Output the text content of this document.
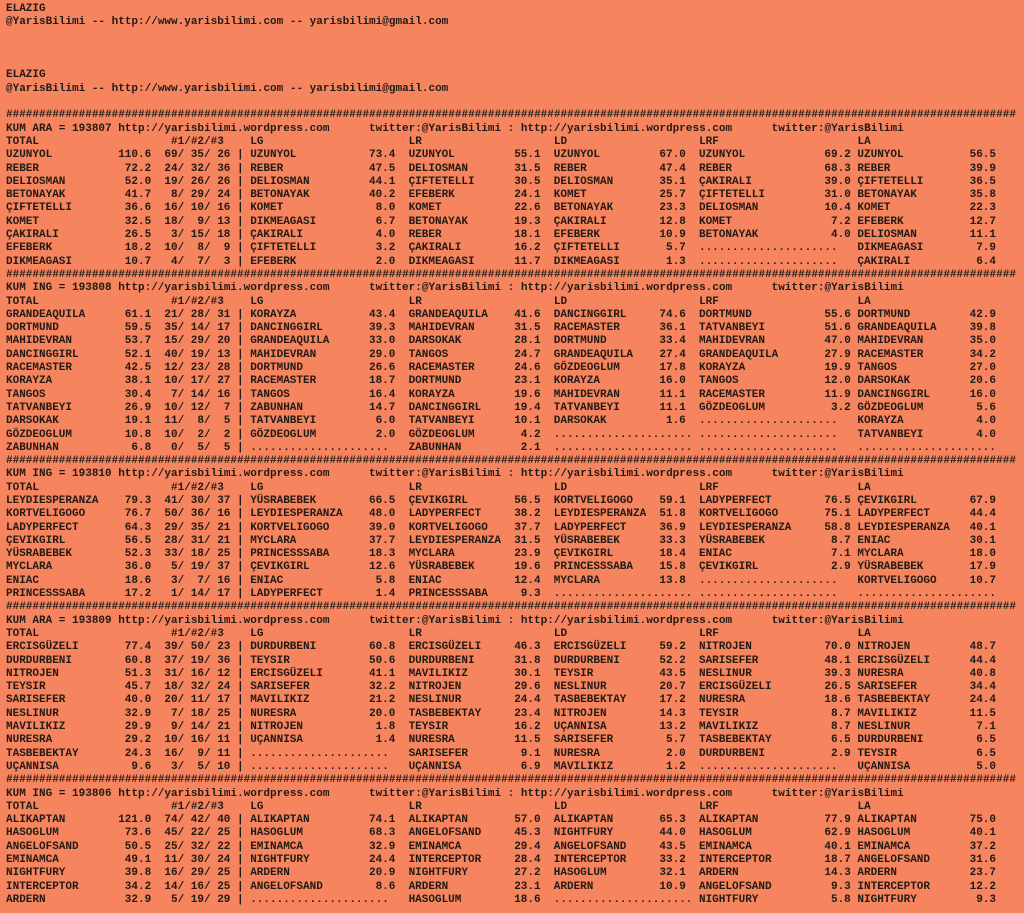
ELAZIG
@YarisBilimi -- http://www.yarisbilimi.com -- yarisbilimi@gmail.com
ELAZIG
@YarisBilimi -- http://www.yarisbilimi.com -- yarisbilimi@gmail.com
#########################################################################################################################################################
KUM ARA = 193807 http://yarisbilimi.wordpress.com	twitter:@YarisBilimi : http://yarisbilimi.wordpress.com	twitter:@YarisBilimi
TOTAL	#1/#2/#3 LG	LR	LD	LRF	LA
UZUNYOL	110.6 69/ 35/ 26 | UZUNYOL	73.4 UZUNYOL	55.1 UZUNYOL	67.0 UZUNYOL	69.2 UZUNYOL	56.5
REBER	72.2 24/ 32/ 36 | REBER	47.5 DELIOSMAN	31.5 REBER	47.4 REBER	68.3 REBER	39.9
DELIOSMAN	52.0 19/ 26/ 26 | DELIOSMAN	44.1 ÇIFTETELLI	30.5 DELIOSMAN	35.1 ÇAKIRALI	39.0 ÇIFTETELLI	36.5
BETONAYAK	41.7 8/ 29/ 24 | BETONAYAK	40.2 EFEBERK	24.1 KOMET	25.7 ÇIFTETELLI	31.0 BETONAYAK	35.8
ÇIFTETELLI	36.6 16/ 10/ 16 | KOMET	8.0 KOMET	22.6 BETONAYAK	23.3 DELIOSMAN	10.4 KOMET	22.3
KOMET	32.5 18/  9/ 13 | DIKMEAGASI	6.7 BETONAYAK	19.3 ÇAKIRALI	12.8 KOMET	7.2 EFEBERK	12.7
ÇAKIRALI	26.5 3/ 15/ 18 | ÇAKIRALI	4.0 REBER	18.1 EFEBERK	10.9 BETONAYAK	4.0 DELIOSMAN	11.1
EFEBERK	18.2 10/  8/  9 | ÇIFTETELLI	3.2 ÇAKIRALI	16.2 ÇIFTETELLI	5.7 ..................... DIKMEAGASI	7.9
DIKMEAGASI	10.7 4/  7/  3 | EFEBERK	2.0 DIKMEAGASI	11.7 DIKMEAGASI	1.3 ..................... ÇAKIRALI	6.4
#########################################################################################################################################################
KUM ING = 193808 http://yarisbilimi.wordpress.com	twitter:@YarisBilimi : http://yarisbilimi.wordpress.com	twitter:@YarisBilimi
TOTAL	#1/#2/#3 LG	LR	LD	LRF	LA
GRANDEAQUILA	61.1 21/ 28/ 31 | KORAYZA	43.4 GRANDEAQUILA 41.6 DANCINGGIRL	74.6 DORTMUND	55.6 DORTMUND	42.9
DORTMUND	59.5 35/ 14/ 17 | DANCINGGIRL	39.3 MAHIDEVRAN	31.5 RACEMASTER	36.1 TATVANBEYI	51.6 GRANDEAQUILA	39.8
MAHIDEVRAN	53.7 15/ 29/ 20 | GRANDEAQUILA	33.0 DARSOKAK	28.1 DORTMUND	33.4 MAHIDEVRAN	47.0 MAHIDEVRAN	35.0
DANCINGGIRL	52.1 40/ 19/ 13 | MAHIDEVRAN	29.0 TANGOS	24.7 GRANDEAQUILA 27.4 GRANDEAQUILA	27.9 RACEMASTER	34.2
RACEMASTER	42.5 12/ 23/ 28 | DORTMUND	26.6 RACEMASTER	24.6 GÖZDEOGLUM	17.8 KORAYZA	19.9 TANGOS	27.0
KORAYZA	38.1 10/ 17/ 27 | RACEMASTER	18.7 DORTMUND	23.1 KORAYZA	16.0 TANGOS	12.0 DARSOKAK	20.6
TANGOS	30.4 7/ 14/ 16 | TANGOS	16.4 KORAYZA	19.6 MAHIDEVRAN	11.1 RACEMASTER	11.9 DANCINGGIRL	16.0
TATVANBEYI	26.9 10/ 12/  7 | ZABUNHAN	14.7 DANCINGGIRL	19.4 TATVANBEYI	11.1 GÖZDEOGLUM	3.2 GÖZDEOGLUM	5.6
DARSOKAK	19.1 11/  8/  5 | TATVANBEYI	6.0 TATVANBEYI	10.1 DARSOKAK	1.6 ..................... KORAYZA	4.0
GÖZDEOGLUM	10.8 10/  2/  2 | GÖZDEOGLUM	2.0 GÖZDEOGLUM	4.2 ..................... ..................... TATVANBEYI	4.0
ZABUNHAN	6.8 0/  5/  5 | ..................... ZABUNHAN	2.1 ..................... ..................... .....................
#########################################################################################################################################################
KUM ING = 193810 http://yarisbilimi.wordpress.com	twitter:@YarisBilimi : http://yarisbilimi.wordpress.com	twitter:@YarisBilimi
TOTAL	#1/#2/#3 LG	LR	LD	LRF	LA
LEYDIESPERANZA 79.3 41/ 30/ 37 | YÜSRABEBEK	66.5 ÇEVIKGIRL	56.5 KORTVELIGOGO 59.1 LADYPERFECT	76.5 ÇEVIKGIRL	67.9
KORTVELIGOGO	76.7 50/ 36/ 16 | LEYDIESPERANZA 48.0 LADYPERFECT	38.2 LEYDIESPERANZA 51.8 KORTVELIGOGO	75.1 LADYPERFECT	44.4
LADYPERFECT	64.3 29/ 35/ 21 | KORTVELIGOGO	39.0 KORTVELIGOGO 37.7 LADYPERFECT	36.9 LEYDIESPERANZA	58.8 LEYDIESPERANZA 40.1
ÇEVIKGIRL	56.5 28/ 31/ 21 | MYCLARA	37.7 LEYDIESPERANZA 31.5 YÜSRABEBEK	33.3 YÜSRABEBEK	8.7 ENIAC	30.1
YÜSRABEBEK	52.3 33/ 18/ 25 | PRINCESSSABA	18.3 MYCLARA	23.9 ÇEVIKGIRL	18.4 ENIAC	7.1 MYCLARA	18.0
MYCLARA	36.0 5/ 19/ 37 | ÇEVIKGIRL	12.6 YÜSRABEBEK	19.6 PRINCESSSABA 15.8 ÇEVIKGIRL	2.9 YÜSRABEBEK	17.9
ENIAC	18.6 3/  7/ 16 | ENIAC	5.8 ENIAC	12.4 MYCLARA	13.8 ..................... KORTVELIGOGO	10.7
PRINCESSSABA	17.2 1/ 14/ 17 | LADYPERFECT	1.4 PRINCESSSABA	9.3 ..................... ..................... .....................
#########################################################################################################################################################
KUM ARA = 193809 http://yarisbilimi.wordpress.com	twitter:@YarisBilimi : http://yarisbilimi.wordpress.com	twitter:@YarisBilimi
TOTAL	#1/#2/#3 LG	LR	LD	LRF	LA
ERCISGÜZELI	77.4 39/ 50/ 23 | DURDURBENI	60.8 ERCISGÜZELI	46.3 ERCISGÜZELI	59.2 NITROJEN	70.0 NITROJEN	48.7
DURDURBENI	60.8 37/ 19/ 36 | TEYSIR	50.6 DURDURBENI	31.8 DURDURBENI	52.2 SARISEFER	48.1 ERCISGÜZELI	44.4
NITROJEN	51.3 31/ 16/ 12 | ERCISGÜZELI	41.1 MAVILIKIZ	30.1 TEYSIR	43.5 NESLINUR	39.3 NURESRA	40.8
TEYSIR	45.7 18/ 32/ 24 | SARISEFER	32.2 NITROJEN	29.6 NESLINUR	20.7 ERCISGÜZELI	26.5 SARISEFER	34.4
SARISEFER	40.0 20/ 11/ 17 | MAVILIKIZ	21.2 NESLINUR	24.4 TASBEBEKTAY	17.2 NURESRA	18.6 TASBEBEKTAY	24.4
NESLINUR	32.9 7/ 18/ 25 | NURESRA	20.0 TASBEBEKTAY	23.4 NITROJEN	14.3 TEYSIR	8.7 MAVILIKIZ	11.5
MAVILIKIZ	29.9 9/ 14/ 21 | NITROJEN	1.8 TEYSIR	16.2 UÇANNISA	13.2 MAVILIKIZ	8.7 NESLINUR	7.1
NURESRA	29.2 10/ 16/ 11 | UÇANNISA	1.4 NURESRA	11.5 SARISEFER	5.7 TASBEBEKTAY	6.5 DURDURBENI	6.5
TASBEBEKTAY	24.3 16/  9/ 11 | ..................... SARISEFER	9.1 NURESRA	2.0 DURDURBENI	2.9 TEYSIR	6.5
UÇANNISA	9.6 3/  5/ 10 | ..................... UÇANNISA	6.9 MAVILIKIZ	1.2 ..................... UÇANNISA	5.0
#########################################################################################################################################################
KUM ING = 193806 http://yarisbilimi.wordpress.com	twitter:@YarisBilimi : http://yarisbilimi.wordpress.com	twitter:@YarisBilimi
TOTAL	#1/#2/#3 LG	LR	LD	LRF	LA
ALIKAPTAN	121.0 74/ 42/ 40 | ALIKAPTAN	74.1 ALIKAPTAN	57.0 ALIKAPTAN	65.3 ALIKAPTAN	77.9 ALIKAPTAN	75.0
HASOGLUM	73.6 45/ 22/ 25 | HASOGLUM	68.3 ANGELOFSAND	45.3 NIGHTFURY	44.0 HASOGLUM	62.9 HASOGLUM	40.1
ANGELOFSAND	50.5 25/ 32/ 22 | EMINAMCA	32.9 EMINAMCA	29.4 ANGELOFSAND	43.5 EMINAMCA	40.1 EMINAMCA	37.2
EMINAMCA	49.1 11/ 30/ 24 | NIGHTFURY	24.4 INTERCEPTOR	28.4 INTERCEPTOR	33.2 INTERCEPTOR	18.7 ANGELOFSAND	31.6
NIGHTFURY	39.8 16/ 29/ 25 | ARDERN	20.9 NIGHTFURY	27.2 HASOGLUM	32.1 ARDERN	14.3 ARDERN	23.7
INTERCEPTOR	34.2 14/ 16/ 25 | ANGELOFSAND	8.6 ARDERN	23.1 ARDERN	10.9 ANGELOFSAND	9.3 INTERCEPTOR	12.2
ARDERN	32.9 5/ 19/ 29 | ..................... HASOGLUM	18.6 ..................... NIGHTFURY	5.8 NIGHTFURY	9.3
